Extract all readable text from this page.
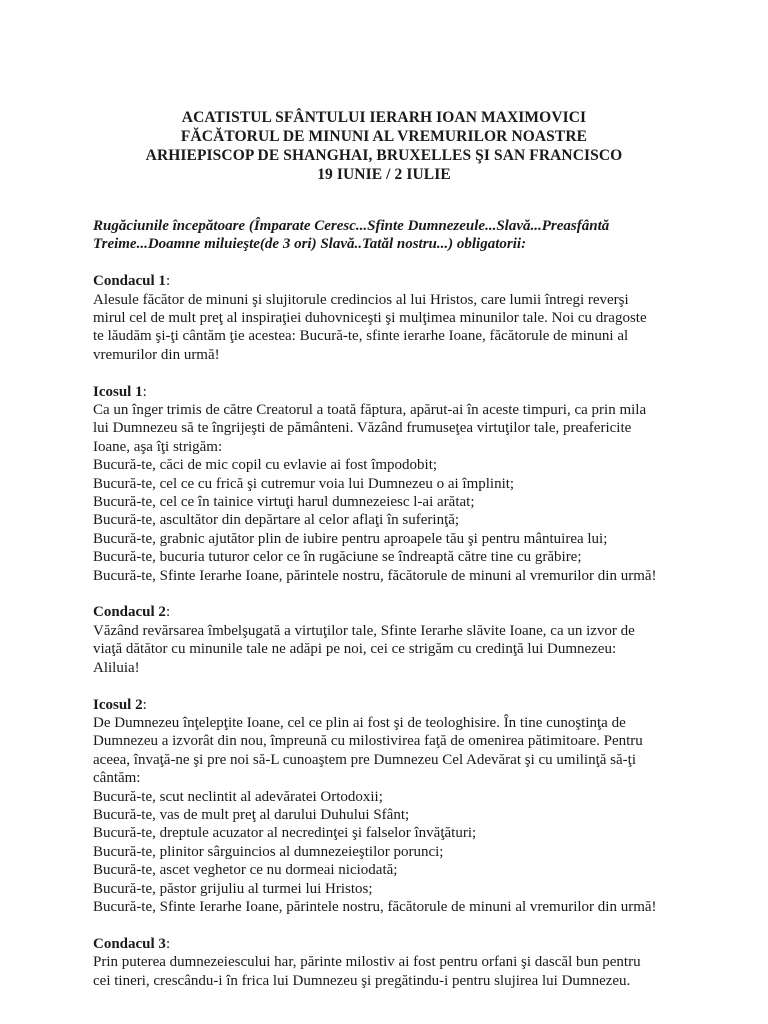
ACATISTUL SFÂNTULUI IERARH IOAN MAXIMOVICI
FĂCĂTORUL DE MINUNI AL VREMURILOR NOASTRE
ARHIEPISCOP DE SHANGHAI, BRUXELLES ŞI SAN FRANCISCO
19 IUNIE / 2 IULIE
Rugăciunile începătoare (Împarate Ceresc...Sfinte Dumnezeule...Slavă...Preasfântă
Treime...Doamne miluieşte(de 3 ori) Slavă..Tatăl nostru...) obligatorii:
Condacul 1:
Alesule făcător de minuni şi slujitorule credincios al lui Hristos, care lumii întregi reverşi
mirul cel de mult preţ al inspiraţiei duhovniceşti şi mulţimea minunilor tale. Noi cu dragoste
te lăudăm şi-ţi cântăm ţie acestea: Bucură-te, sfinte ierarhe Ioane, făcătorule de minuni al
vremurilor din urmă!
Icosul 1:
Ca un înger trimis de către Creatorul a toată făptura, apărut-ai în aceste timpuri, ca prin mila
lui Dumnezeu să te îngrijeşti de pământeni. Văzând frumuseţea virtuţilor tale, preafericite
Ioane, aşa îţi strigăm:
Bucură-te, căci de mic copil cu evlavie ai fost împodobit;
Bucură-te, cel ce cu frică şi cutremur voia lui Dumnezeu o ai împlinit;
Bucură-te, cel ce în tainice virtuţi harul dumnezeiesc l-ai arătat;
Bucură-te, ascultător din depărtare al celor aflaţi în suferinţă;
Bucură-te, grabnic ajutător plin de iubire pentru aproapele tău şi pentru mântuirea lui;
Bucură-te, bucuria tuturor celor ce în rugăciune se îndreaptă către tine cu grăbire;
Bucură-te, Sfinte Ierarhe Ioane, părintele nostru, făcătorule de minuni al vremurilor din urmă!
Condacul 2:
Văzând revărsarea îmbelşugată a virtuţilor tale, Sfinte Ierarhe slăvite Ioane, ca un izvor de
viaţă dătător cu minunile tale ne adăpi pe noi, cei ce strigăm cu credinţă lui Dumnezeu:
Aliluia!
Icosul 2:
De Dumnezeu înţelepţite Ioane, cel ce plin ai fost şi de teologhisire. În tine cunoştinţa de
Dumnezeu a izvorât din nou, împreună cu milostivirea faţă de omenirea pătimitoare. Pentru
aceea, învaţă-ne şi pre noi să-L cunoaştem pre Dumnezeu Cel Adevărat şi cu umilinţă să-ţi
cântăm:
Bucură-te, scut neclintit al adevăratei Ortodoxii;
Bucură-te, vas de mult preţ al darului Duhului Sfânt;
Bucură-te, dreptule acuzator al necredinţei şi falselor învăţături;
Bucură-te, plinitor sârguincios al dumnezeieştilor porunci;
Bucură-te, ascet veghetor ce nu dormeai niciodată;
Bucură-te, păstor grijuliu al turmei lui Hristos;
Bucură-te, Sfinte Ierarhe Ioane, părintele nostru, făcătorule de minuni al vremurilor din urmă!
Condacul 3:
Prin puterea dumnezeiescului har, părinte milostiv ai fost pentru orfani şi dascăl bun pentru
cei tineri, crescându-i în frica lui Dumnezeu şi pregătindu-i pentru slujirea lui Dumnezeu.
